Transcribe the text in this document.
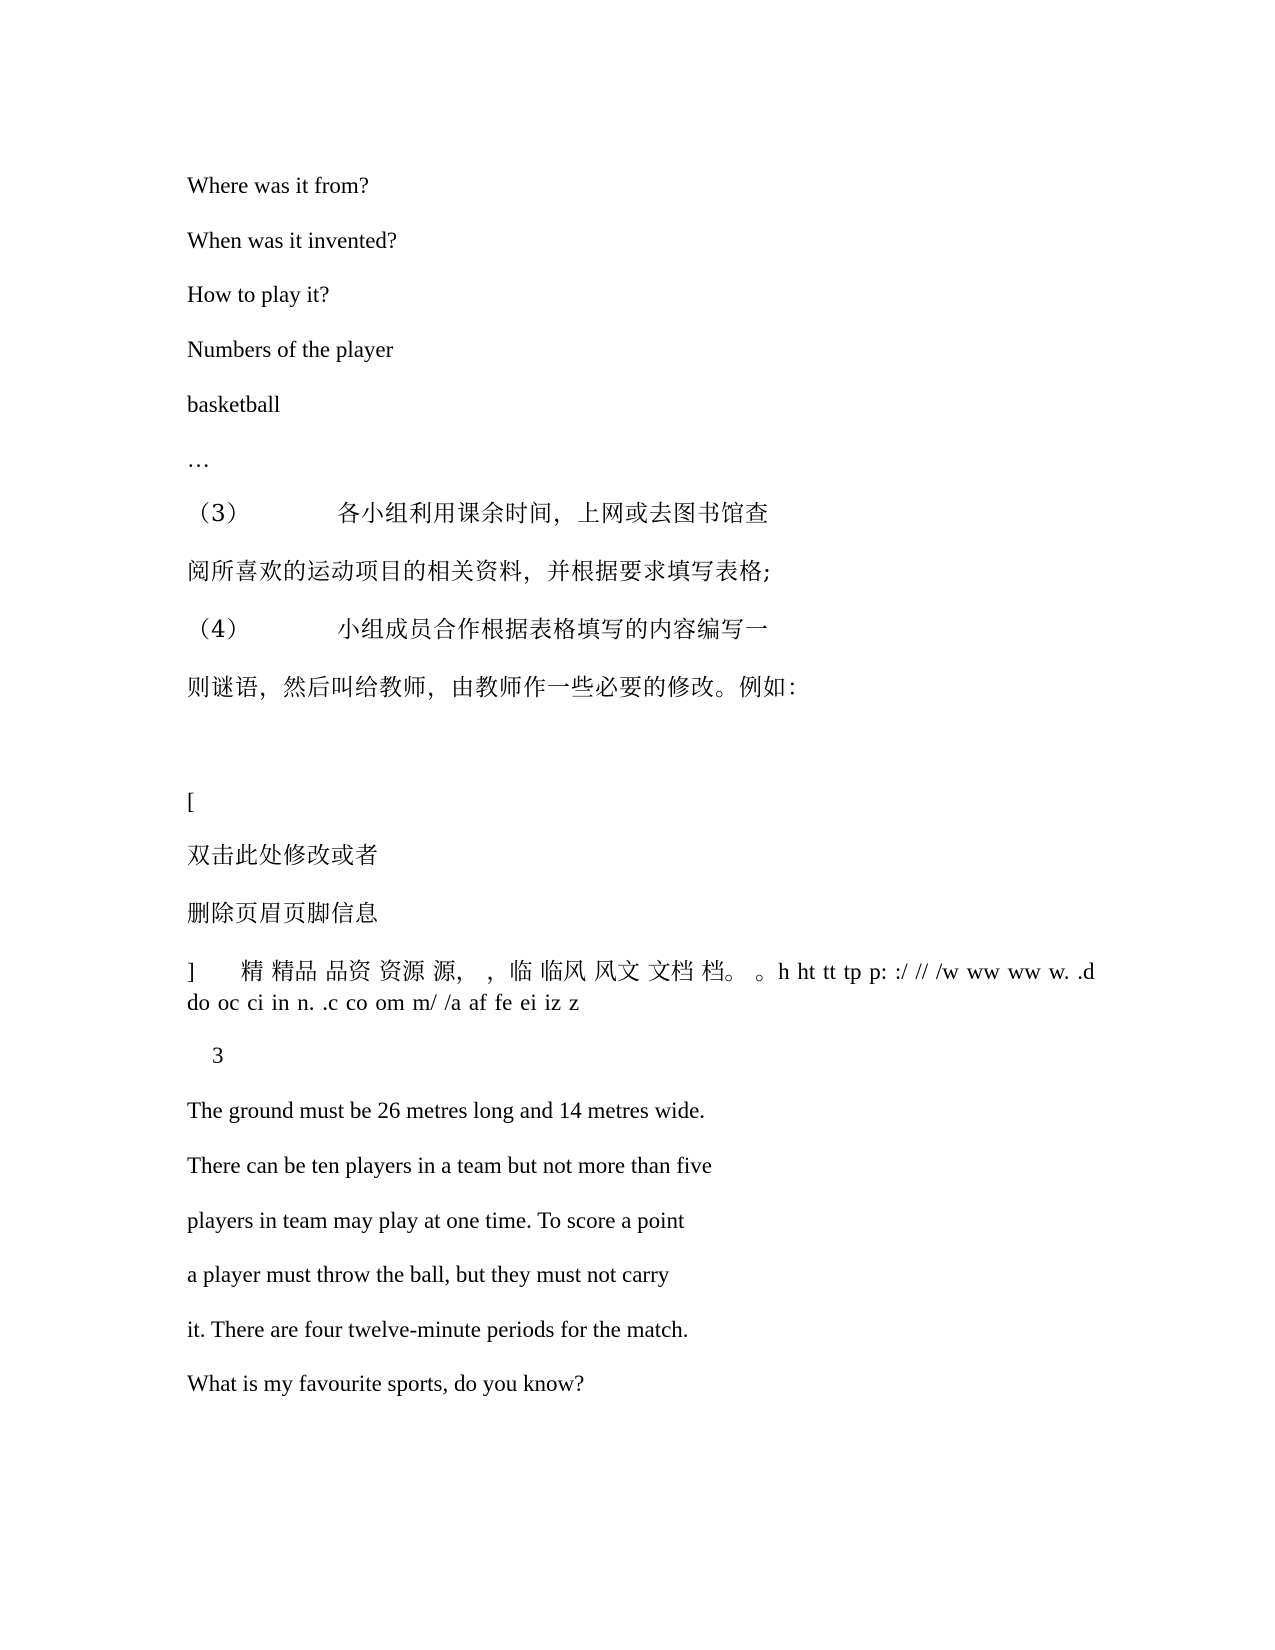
Where was it from?
When was it invented?
How to play it?
Numbers of the player
basketball
…
（3）	各小组利用课余时间，上网或去图书馆查
阅所喜欢的运动项目的相关资料，并根据要求填写表格;
（4）	小组成员合作根据表格填写的内容编写一
则谜语，然后叫给教师，由教师作一些必要的修改。例如：
[
双击此处修改或者
删除页眉页脚信息
]　　精 精品 品资 资源 源， ，临 临风 风文 文档 档。 。h ht tt tp p: :/ // /w ww ww w. .d do oc ci in n. .c co om m/ /a af fe ei iz z
3
The ground must be 26 metres long and 14 metres wide.
There can be ten players in a team but not more than five
players in team may play at one time. To score a point
a player must throw the ball, but they must not carry
it. There are four twelve-minute periods for the match.
What is my favourite sports, do you know?
